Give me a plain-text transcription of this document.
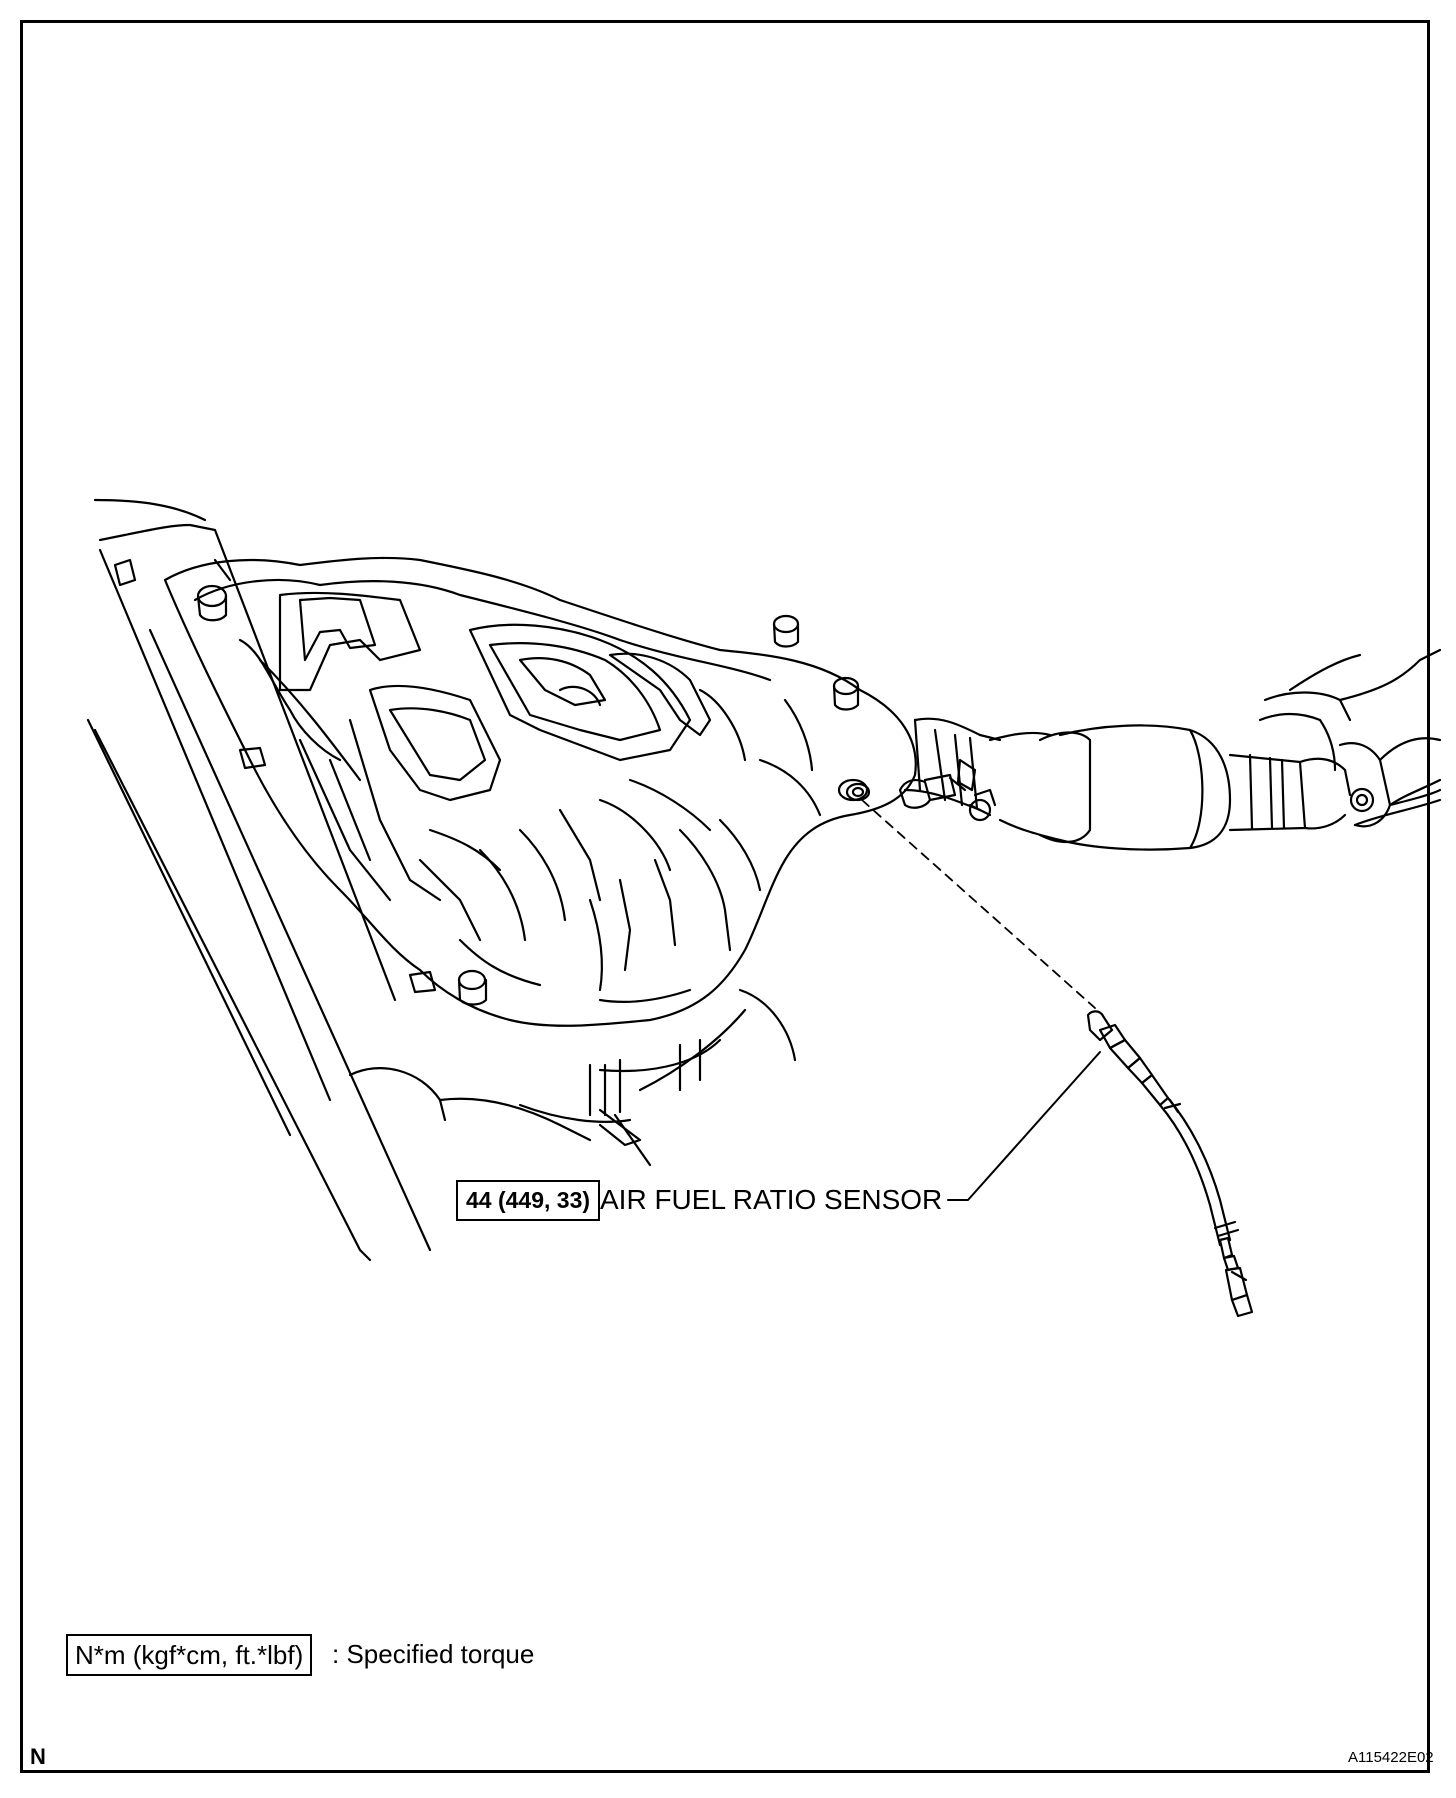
44 (449, 33) AIR FUEL RATIO SENSOR
N*m (kgf*cm, ft.*lbf)	: Specified torque
N	A115422E02
